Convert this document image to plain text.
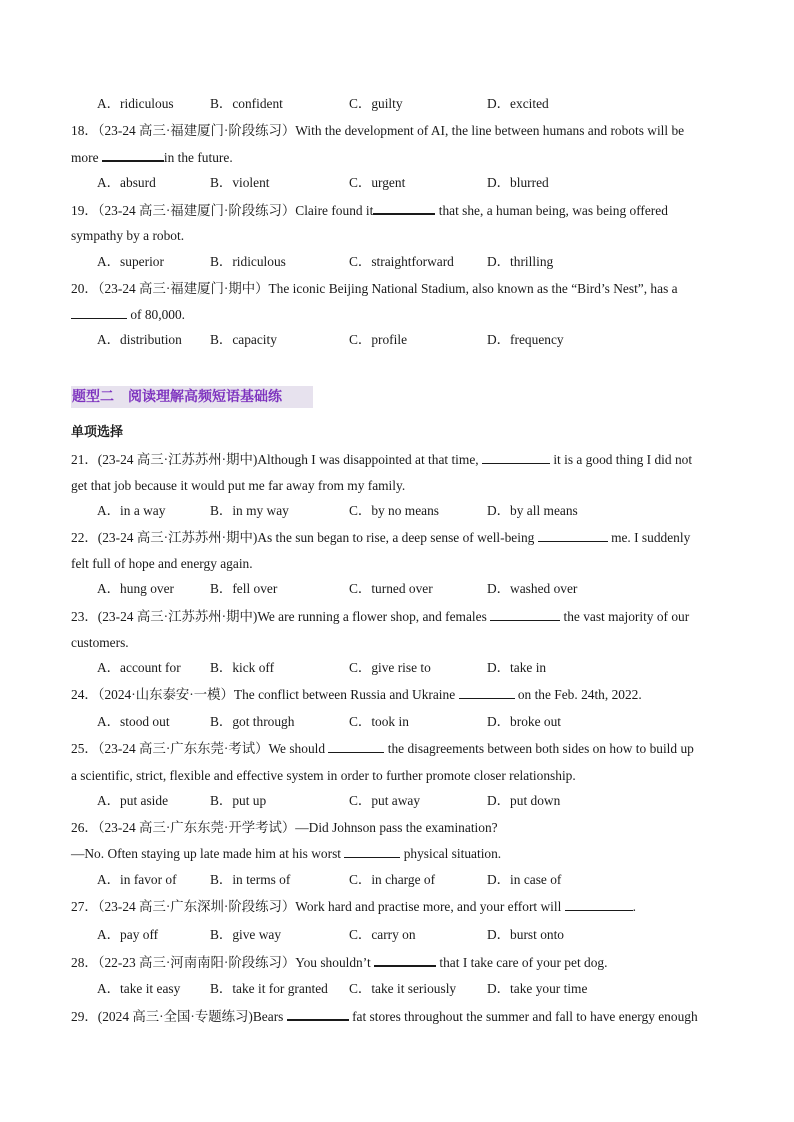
A．ridiculous	B．confident	C．guilty	D．excited
18．（23-24 高三·福建厦门·阶段练习）With the development of AI, the line between humans and robots will be
more	in the future.
A．absurd	B．violent	C．urgent	D．blurred
19．（23-24 高三·福建厦门·阶段练习）Claire found it	that she, a human being, was being offered
sympathy by a robot.
A．superior	B．ridiculous	C．straightforward D．thrilling
20．（23-24 高三·福建厦门·期中）The iconic Beijing National Stadium, also known as the “Bird’s Nest”, has a
of 80,000.
A．distribution B．capacity	C．profile	D．frequency
题型二　阅读理解高频短语基础练
单项选择
21．(23-24 高三·江苏苏州·期中)Although I was disappointed at that time,	it is a good thing I did not
get that job because it would put me far away from my family.
A．in a way	B．in my way	C．by no means	D．by all means
22．(23-24 高三·江苏苏州·期中)As the sun began to rise, a deep sense of well-being	me. I suddenly
felt full of hope and energy again.
A．hung over	B．fell over	C．turned over	D．washed over
23．(23-24 高三·江苏苏州·期中)We are running a flower shop, and females	the vast majority of our
customers.
A．account for B．kick off	C．give rise to	D．take in
24．（2024·山东泰安·一模）The conflict between Russia and Ukraine	on the Feb. 24th, 2022.
A．stood out	B．got through	C．took in	D．broke out
25．（23-24 高三·广东东莞·考试）We should	the disagreements between both sides on how to build up
a scientific, strict, flexible and effective system in order to further promote closer relationship.
A．put aside	B．put up	C．put away	D．put down
26．（23-24 高三·广东东莞·开学考试）—Did Johnson pass the examination?
—No. Often staying up late made him at his worst	physical situation.
A．in favor of B．in terms of	C．in charge of	D．in case of
27．（23-24 高三·广东深圳·阶段练习）Work hard and practise more, and your effort will	.
A．pay off	B．give way	C．carry on	D．burst onto
28．（22-23 高三·河南南阳·阶段练习）You shouldn’t	that I take care of your pet dog.
A．take it easy B．take it for granted C．take it seriously D．take your time
29．(2024 高三·全国·专题练习)Bears	fat stores throughout the summer and fall to have energy enough
